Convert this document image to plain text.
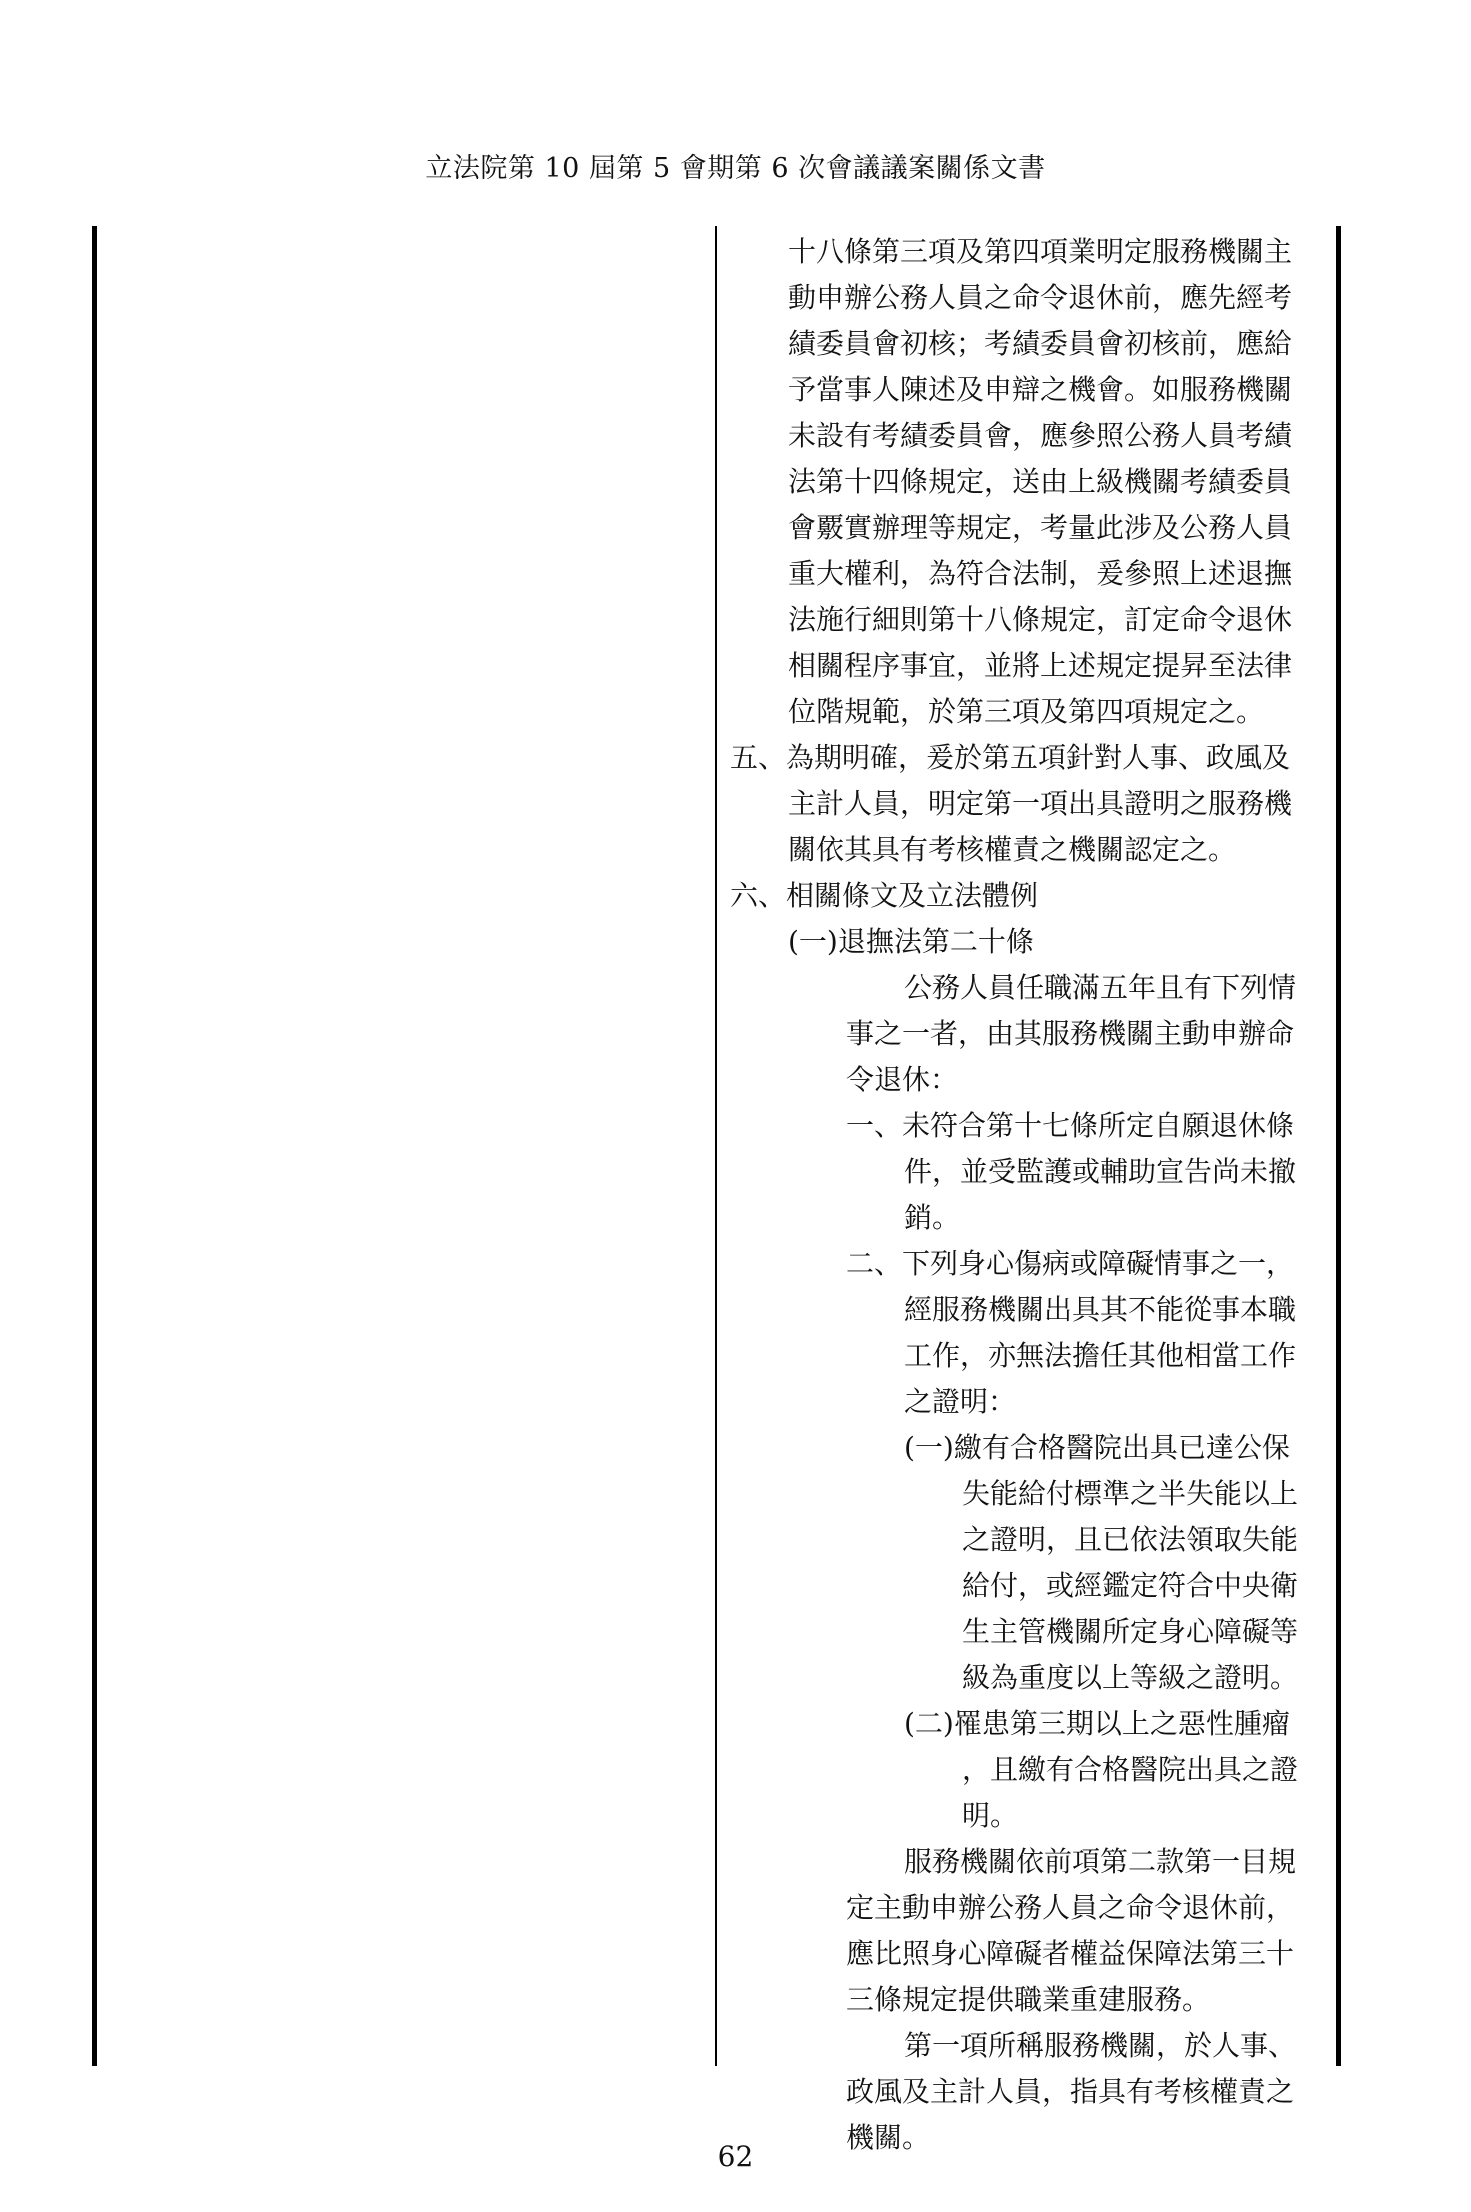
立法院第 10 屆第 5 會期第 6 次會議議案關係文書
十八條第三項及第四項業明定服務機關主
動申辦公務人員之命令退休前，應先經考
績委員會初核；考績委員會初核前，應給
予當事人陳述及申辯之機會。如服務機關
未設有考績委員會，應參照公務人員考績
法第十四條規定，送由上級機關考績委員
會覈實辦理等規定，考量此涉及公務人員
重大權利，為符合法制，爰參照上述退撫
法施行細則第十八條規定，訂定命令退休
相關程序事宜，並將上述規定提昇至法律
位階規範，於第三項及第四項規定之。
五、為期明確，爰於第五項針對人事、政風及
主計人員，明定第一項出具證明之服務機
關依其具有考核權責之機關認定之。
六、相關條文及立法體例
(一)退撫法第二十條
公務人員任職滿五年且有下列情
事之一者，由其服務機關主動申辦命
令退休：
一、未符合第十七條所定自願退休條
件，並受監護或輔助宣告尚未撤
銷。
二、下列身心傷病或障礙情事之一，
經服務機關出具其不能從事本職
工作，亦無法擔任其他相當工作
之證明：
(一)繳有合格醫院出具已達公保
失能給付標準之半失能以上
之證明，且已依法領取失能
給付，或經鑑定符合中央衛
生主管機關所定身心障礙等
級為重度以上等級之證明。
(二)罹患第三期以上之惡性腫瘤
，且繳有合格醫院出具之證
明。
服務機關依前項第二款第一目規
定主動申辦公務人員之命令退休前，
應比照身心障礙者權益保障法第三十
三條規定提供職業重建服務。
第一項所稱服務機關，於人事、
政風及主計人員，指具有考核權責之
機關。
62
